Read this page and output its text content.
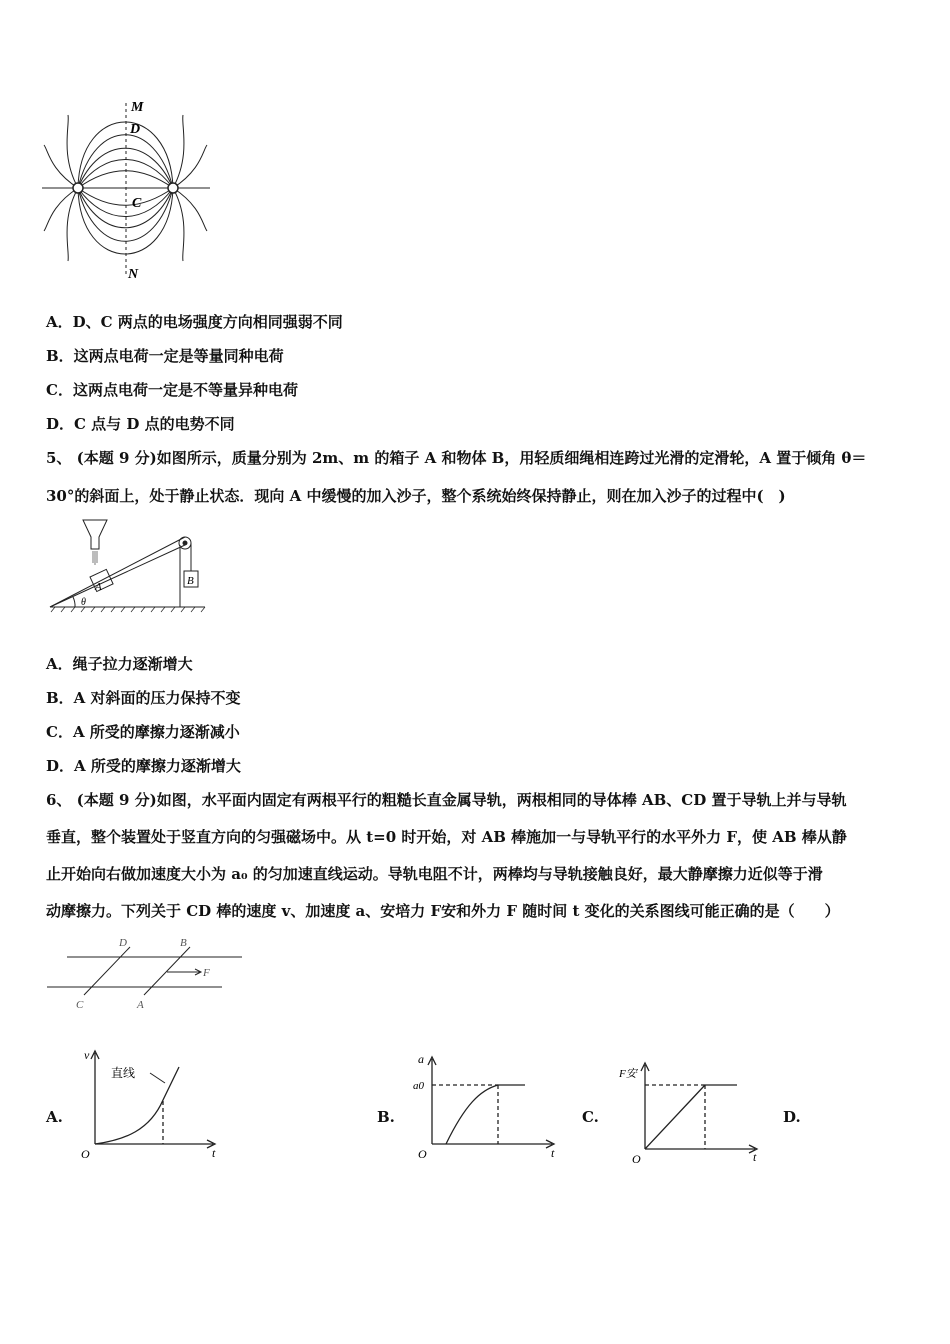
M
D
C
N
A．D、C 两点的电场强度方向相同强弱不同
B．这两点电荷一定是等量同种电荷
C．这两点电荷一定是不等量异种电荷
D．C 点与 D 点的电势不同
5、 (本题 9 分)如图所示，质量分别为 2m、m 的箱子 A 和物体 B，用轻质细绳相连跨过光滑的定滑轮，A 置于倾角 θ＝
30°的斜面上，处于静止状态．现向 A 中缓慢的加入沙子，整个系统始终保持静止，则在加入沙子的过程中(　)
A	B
θ
A．绳子拉力逐渐增大
B．A 对斜面的压力保持不变
C．A 所受的摩擦力逐渐减小
D．A 所受的摩擦力逐渐增大
6、 (本题 9 分)如图，水平面内固定有两根平行的粗糙长直金属导轨，两根相同的导体棒 AB、CD 置于导轨上并与导轨
垂直，整个装置处于竖直方向的匀强磁场中。从 t=0 时开始，对 AB 棒施加一与导轨平行的水平外力 F，使 AB 棒从静
止开始向右做加速度大小为 a₀ 的匀加速直线运动。导轨电阻不计，两棒均与导轨接触良好，最大静摩擦力近似等于滑
动摩擦力。下列关于 CD 棒的速度 v、加速度 a、安培力 F安和外力 F 随时间 t 变化的关系图线可能正确的是（　　）
D	B
F
C	A
A.	B.	C.	D.
v
t
O
直线
a
a0
t
O
F安
t
O
